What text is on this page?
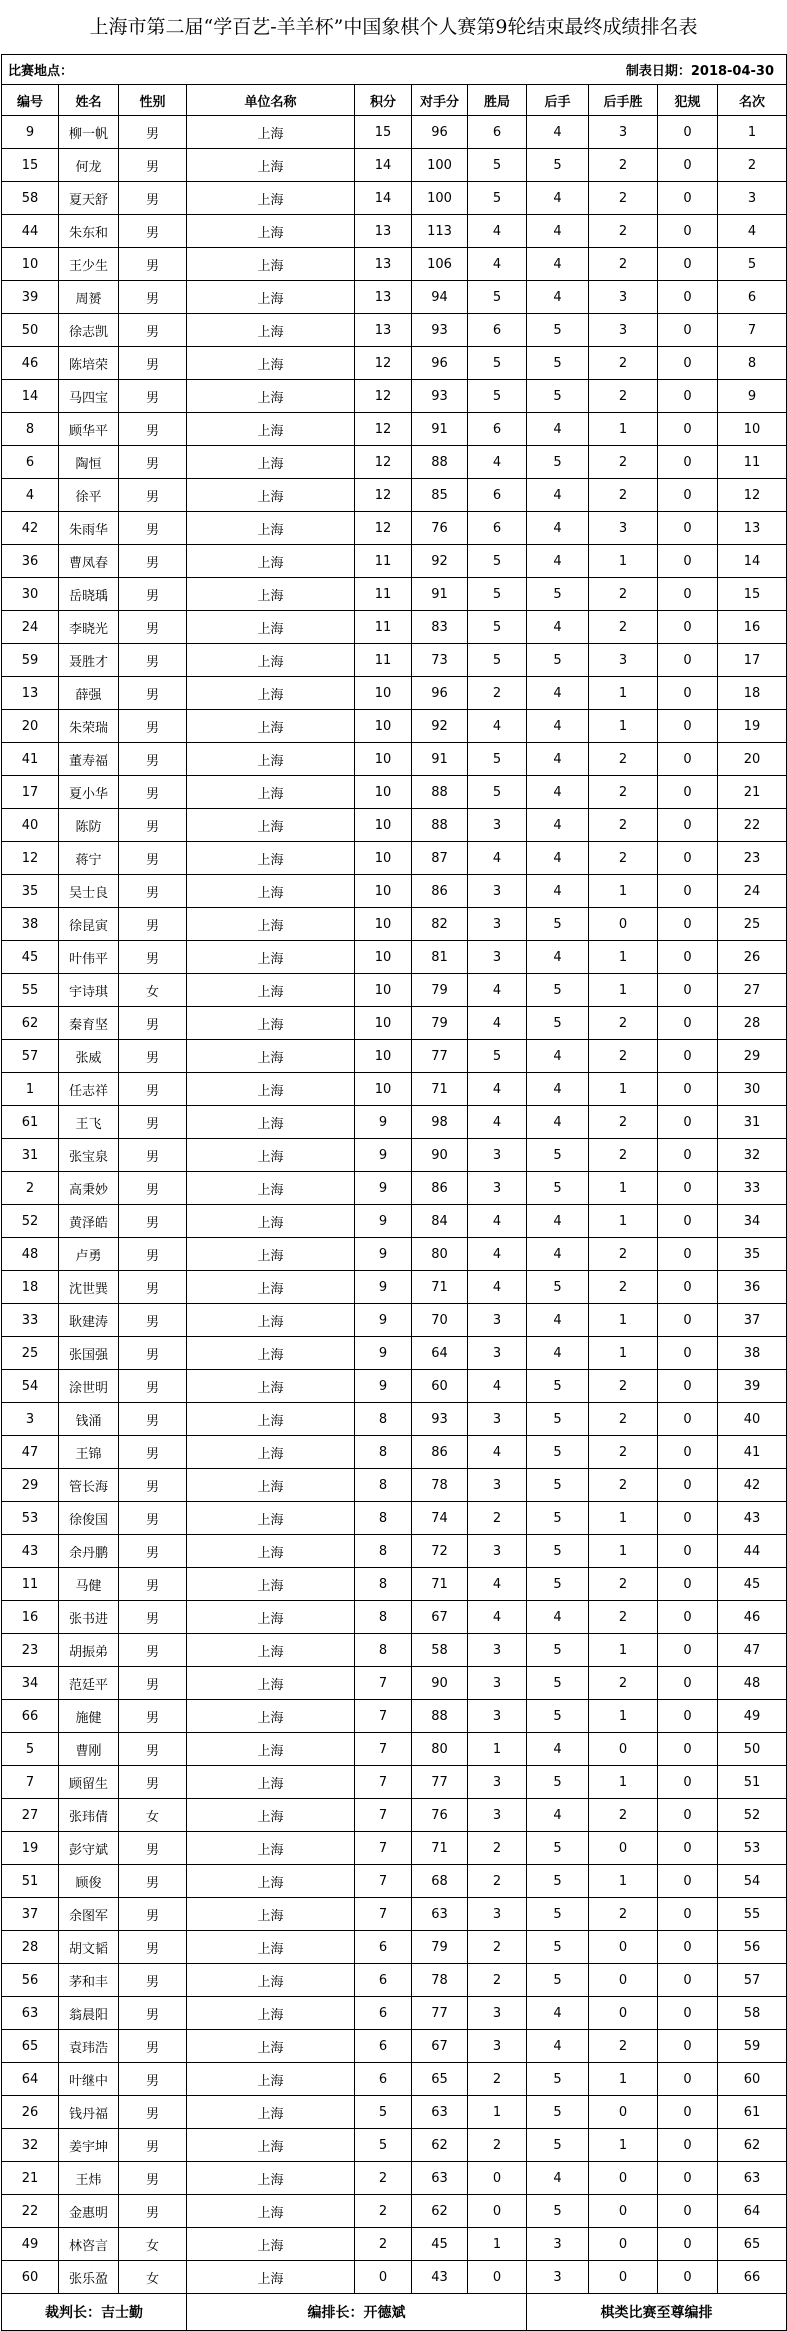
上海市第二届“学百艺-羊羊杯”中国象棋个人赛第9轮结束最终成绩排名表
比赛地点：				制表日期：2018-04-30						
编号	姓名	性别	单位名称	积分	对手分	胜局	后手	后手胜	犯规	名次
9	柳一帆	男	上海	15	96	6	4	3	0	1
15	何龙	男	上海	14	100	5	5	2	0	2
58	夏天舒	男	上海	14	100	5	4	2	0	3
44	朱东和	男	上海	13	113	4	4	2	0	4
10	王少生	男	上海	13	106	4	4	2	0	5
39	周赟	男	上海	13	94	5	4	3	0	6
50	徐志凯	男	上海	13	93	6	5	3	0	7
46	陈培荣	男	上海	12	96	5	5	2	0	8
14	马四宝	男	上海	12	93	5	5	2	0	9
8	顾华平	男	上海	12	91	6	4	1	0	10
6	陶恒	男	上海	12	88	4	5	2	0	11
4	徐平	男	上海	12	85	6	4	2	0	12
42	朱雨华	男	上海	12	76	6	4	3	0	13
36	曹凤春	男	上海	11	92	5	4	1	0	14
30	岳晓瑀	男	上海	11	91	5	5	2	0	15
24	李晓光	男	上海	11	83	5	4	2	0	16
59	聂胜才	男	上海	11	73	5	5	3	0	17
13	薛强	男	上海	10	96	2	4	1	0	18
20	朱荣瑞	男	上海	10	92	4	4	1	0	19
41	董寿福	男	上海	10	91	5	4	2	0	20
17	夏小华	男	上海	10	88	5	4	2	0	21
40	陈防	男	上海	10	88	3	4	2	0	22
12	蒋宁	男	上海	10	87	4	4	2	0	23
35	吴士良	男	上海	10	86	3	4	1	0	24
38	徐昆寅	男	上海	10	82	3	5	0	0	25
45	叶伟平	男	上海	10	81	3	4	1	0	26
55	宇诗琪	女	上海	10	79	4	5	1	0	27
62	秦育坚	男	上海	10	79	4	5	2	0	28
57	张威	男	上海	10	77	5	4	2	0	29
1	任志祥	男	上海	10	71	4	4	1	0	30
61	王飞	男	上海	9	98	4	4	2	0	31
31	张宝泉	男	上海	9	90	3	5	2	0	32
2	高秉妙	男	上海	9	86	3	5	1	0	33
52	黄泽皓	男	上海	9	84	4	4	1	0	34
48	卢勇	男	上海	9	80	4	4	2	0	35
18	沈世巽	男	上海	9	71	4	5	2	0	36
33	耿建涛	男	上海	9	70	3	4	1	0	37
25	张国强	男	上海	9	64	3	4	1	0	38
54	涂世明	男	上海	9	60	4	5	2	0	39
3	钱涌	男	上海	8	93	3	5	2	0	40
47	王锦	男	上海	8	86	4	5	2	0	41
29	管长海	男	上海	8	78	3	5	2	0	42
53	徐俊国	男	上海	8	74	2	5	1	0	43
43	余丹鹏	男	上海	8	72	3	5	1	0	44
11	马健	男	上海	8	71	4	5	2	0	45
16	张书进	男	上海	8	67	4	4	2	0	46
23	胡振弟	男	上海	8	58	3	5	1	0	47
34	范廷平	男	上海	7	90	3	5	2	0	48
66	施健	男	上海	7	88	3	5	1	0	49
5	曹刚	男	上海	7	80	1	4	0	0	50
7	顾留生	男	上海	7	77	3	5	1	0	51
27	张玮倩	女	上海	7	76	3	4	2	0	52
19	彭守斌	男	上海	7	71	2	5	0	0	53
51	顾俊	男	上海	7	68	2	5	1	0	54
37	余图军	男	上海	7	63	3	5	2	0	55
28	胡文韬	男	上海	6	79	2	5	0	0	56
56	茅和丰	男	上海	6	78	2	5	0	0	57
63	翁晨阳	男	上海	6	77	3	4	0	0	58
65	袁玮浩	男	上海	6	67	3	4	2	0	59
64	叶继中	男	上海	6	65	2	5	1	0	60
26	钱丹福	男	上海	5	63	1	5	0	0	61
32	姜宇坤	男	上海	5	62	2	5	1	0	62
21	王炜	男	上海	2	63	0	4	0	0	63
22	金惠明	男	上海	2	62	0	5	0	0	64
49	林咨言	女	上海	2	45	1	3	0	0	65
60	张乐盈	女	上海	0	43	0	3	0	0	66
裁判长：吉士勤			编排长：开德斌				棋类比赛至尊编排			
